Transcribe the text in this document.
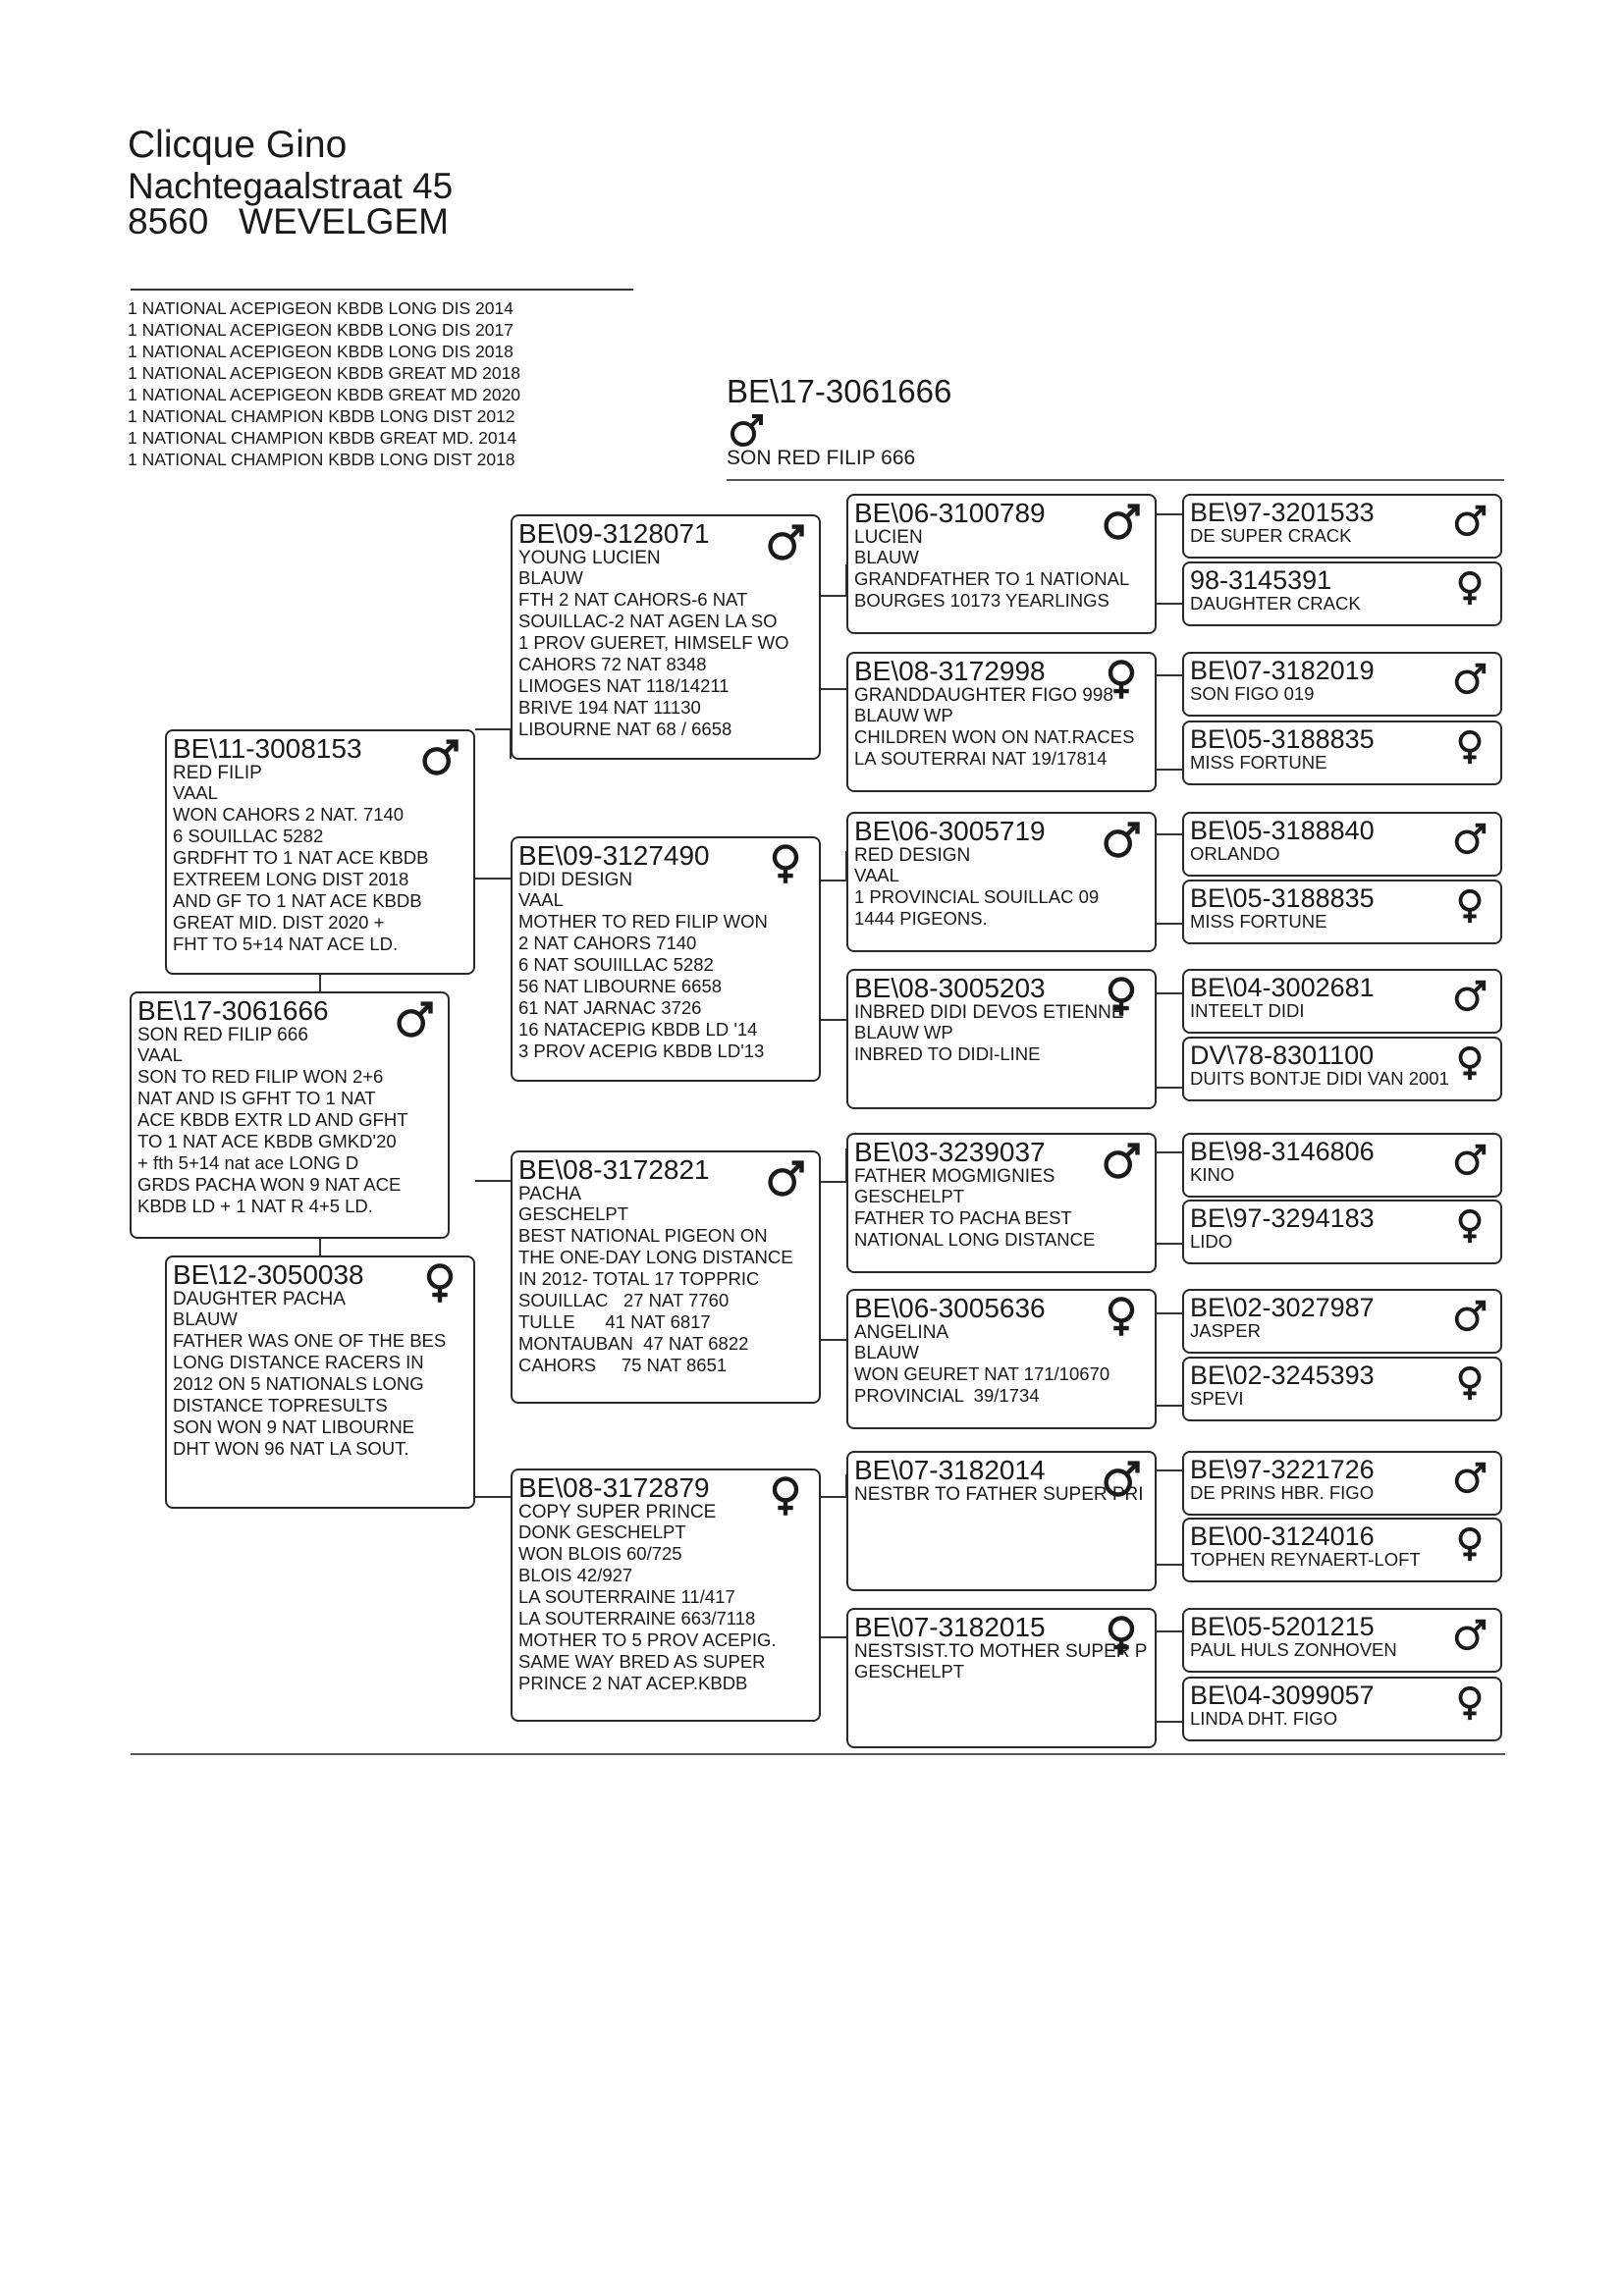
Clicque Gino
Nachtegaalstraat 45
8560   WEVELGEM
1 NATIONAL ACEPIGEON KBDB LONG DIS 2014
1 NATIONAL ACEPIGEON KBDB LONG DIS 2017
1 NATIONAL ACEPIGEON KBDB LONG DIS 2018
1 NATIONAL ACEPIGEON KBDB GREAT MD 2018
1 NATIONAL ACEPIGEON KBDB GREAT MD 2020
1 NATIONAL CHAMPION KBDB LONG DIST 2012
1 NATIONAL CHAMPION KBDB GREAT MD. 2014
1 NATIONAL CHAMPION KBDB LONG DIST 2018
BE\17-3061666
SON RED FILIP 666
BE\17-3061666
SON RED FILIP 666
VAAL
SON TO RED FILIP WON 2+6
NAT AND IS GFHT TO 1 NAT
ACE KBDB EXTR LD AND GFHT
TO 1 NAT ACE KBDB GMKD'20
+ fth 5+14 nat ace LONG D
GRDS PACHA WON 9 NAT ACE
KBDB LD + 1 NAT R 4+5 LD.
BE\11-3008153
RED FILIP
VAAL
WON CAHORS 2 NAT. 7140
6 SOUILLAC 5282
GRDFHT TO 1 NAT ACE KBDB
EXTREEM LONG DIST 2018
AND GF TO 1 NAT ACE KBDB
GREAT MID. DIST 2020 +
FHT TO 5+14 NAT ACE LD.
BE\12-3050038
DAUGHTER PACHA
BLAUW
FATHER WAS ONE OF THE BES
LONG DISTANCE RACERS IN
2012 ON 5 NATIONALS LONG
DISTANCE TOPRESULTS
SON WON 9 NAT LIBOURNE
DHT WON 96 NAT LA SOUT.
BE\09-3128071
YOUNG LUCIEN
BLAUW
FTH 2 NAT CAHORS-6 NAT
SOUILLAC-2 NAT AGEN LA SO
1 PROV GUERET, HIMSELF WO
CAHORS 72 NAT 8348
LIMOGES NAT 118/14211
BRIVE 194 NAT 11130
LIBOURNE NAT 68 / 6658
BE\09-3127490
DIDI DESIGN
VAAL
MOTHER TO RED FILIP WON
2 NAT CAHORS 7140
6 NAT SOUIILLAC 5282
56 NAT LIBOURNE 6658
61 NAT JARNAC 3726
16 NATACEPIG KBDB LD '14
3 PROV ACEPIG KBDB LD'13
BE\08-3172821
PACHA
GESCHELPT
BEST NATIONAL PIGEON ON
THE ONE-DAY LONG DISTANCE
IN 2012- TOTAL 17 TOPPRIC
SOUILLAC   27 NAT 7760
TULLE      41 NAT 6817
MONTAUBAN  47 NAT 6822
CAHORS     75 NAT 8651
BE\08-3172879
COPY SUPER PRINCE
DONK GESCHELPT
WON BLOIS 60/725
BLOIS 42/927
LA SOUTERRAINE 11/417
LA SOUTERRAINE 663/7118
MOTHER TO 5 PROV ACEPIG.
SAME WAY BRED AS SUPER
PRINCE 2 NAT ACEP.KBDB
BE\06-3100789
LUCIEN
BLAUW
GRANDFATHER TO 1 NATIONAL
BOURGES 10173 YEARLINGS
BE\08-3172998
GRANDDAUGHTER FIGO 998
BLAUW WP
CHILDREN WON ON NAT.RACES
LA SOUTERRAI NAT 19/17814
BE\06-3005719
RED DESIGN
VAAL
1 PROVINCIAL SOUILLAC 09
1444 PIGEONS.
BE\08-3005203
INBRED DIDI DEVOS ETIENNE
BLAUW WP
INBRED TO DIDI-LINE
BE\03-3239037
FATHER MOGMIGNIES
GESCHELPT
FATHER TO PACHA BEST
NATIONAL LONG DISTANCE
BE\06-3005636
ANGELINA
BLAUW
WON GEURET NAT 171/10670
PROVINCIAL  39/1734
BE\07-3182014
NESTBR TO FATHER SUPER PRI
BE\07-3182015
NESTSIST.TO MOTHER SUPER P
GESCHELPT
BE\97-3201533
DE SUPER CRACK
98-3145391
DAUGHTER CRACK
BE\07-3182019
SON FIGO 019
BE\05-3188835
MISS FORTUNE
BE\05-3188840
ORLANDO
BE\05-3188835
MISS FORTUNE
BE\04-3002681
INTEELT DIDI
DV\78-8301100
DUITS BONTJE DIDI VAN 2001
BE\98-3146806
KINO
BE\97-3294183
LIDO
BE\02-3027987
JASPER
BE\02-3245393
SPEVI
BE\97-3221726
DE PRINS HBR. FIGO
BE\00-3124016
TOPHEN REYNAERT-LOFT
BE\05-5201215
PAUL HULS ZONHOVEN
BE\04-3099057
LINDA DHT. FIGO
